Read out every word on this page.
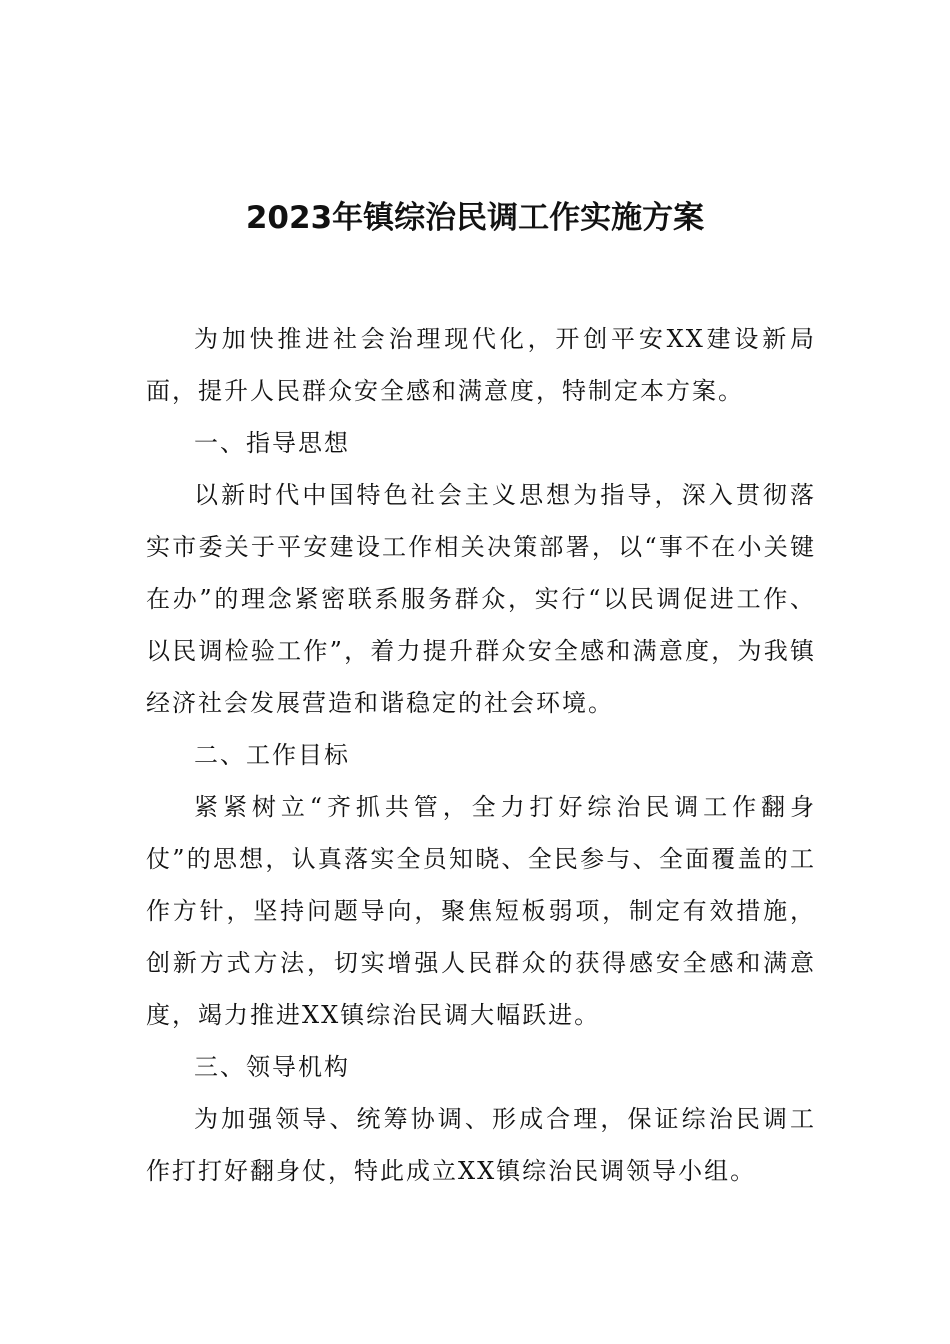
2023年镇综治民调工作实施方案

为加快推进社会治理现代化，开创平安XX建设新局面，提升人民群众安全感和满意度，特制定本方案。

一、指导思想

以新时代中国特色社会主义思想为指导，深入贯彻落实市委关于平安建设工作相关决策部署，以“事不在小关键在办”的理念紧密联系服务群众，实行“以民调促进工作、以民调检验工作”，着力提升群众安全感和满意度，为我镇经济社会发展营造和谐稳定的社会环境。

二、工作目标

紧紧树立“齐抓共管，全力打好综治民调工作翻身仗”的思想，认真落实全员知晓、全民参与、全面覆盖的工作方针，坚持问题导向，聚焦短板弱项，制定有效措施，创新方式方法，切实增强人民群众的获得感安全感和满意度，竭力推进XX镇综治民调大幅跃进。

三、领导机构

为加强领导、统筹协调、形成合理，保证综治民调工作打打好翻身仗，特此成立XX镇综治民调领导小组。
